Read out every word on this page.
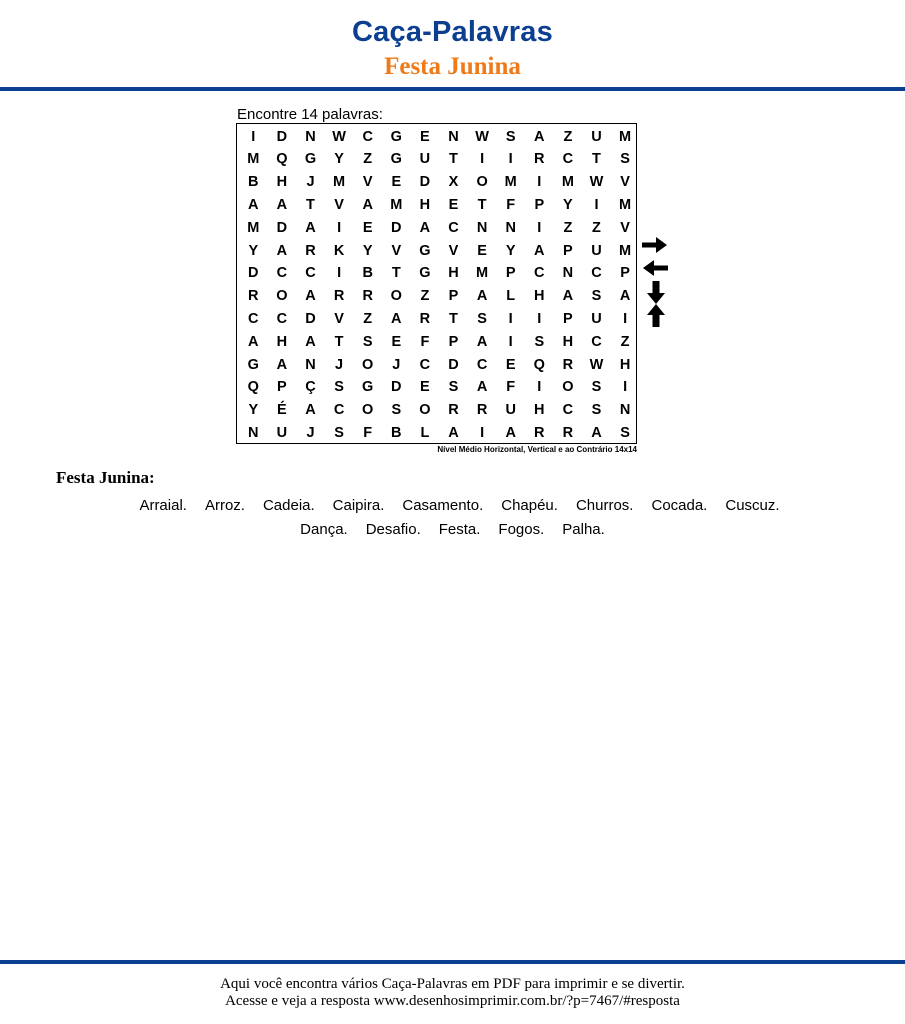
Caça-Palavras
Festa Junina
Encontre 14 palavras:
I	D	N	W	C	G	E	N	W	S	A	Z	U	M
M	Q	G	Y	Z	G	U	T	I	I	R	C	T	S
B	H	J	M	V	E	D	X	O	M	I	M	W	V
A	A	T	V	A	M	H	E	T	F	P	Y	I	M
M	D	A	I	E	D	A	C	N	N	I	Z	Z	V
Y	A	R	K	Y	V	G	V	E	Y	A	P	U	M
D	C	C	I	B	T	G	H	M	P	C	N	C	P
R	O	A	R	R	O	Z	P	A	L	H	A	S	A
C	C	D	V	Z	A	R	T	S	I	I	P	U	I
A	H	A	T	S	E	F	P	A	I	S	H	C	Z
G	A	N	J	O	J	C	D	C	E	Q	R	W	H
Q	P	Ç	S	G	D	E	S	A	F	I	O	S	I
Y	É	A	C	O	S	O	R	R	U	H	C	S	N
N	U	J	S	F	B	L	A	I	A	R	R	A	S
Nível Médio Horizontal, Vertical e ao Contrário 14x14
Festa Junina:
Arraial. Arroz. Cadeia. Caipira. Casamento. Chapéu. Churros. Cocada. Cuscuz.
Dança. Desafio. Festa. Fogos. Palha.
Aqui você encontra vários Caça-Palavras em PDF para imprimir e se divertir.
Acesse e veja a resposta www.desenhosimprimir.com.br/?p=7467/#resposta
